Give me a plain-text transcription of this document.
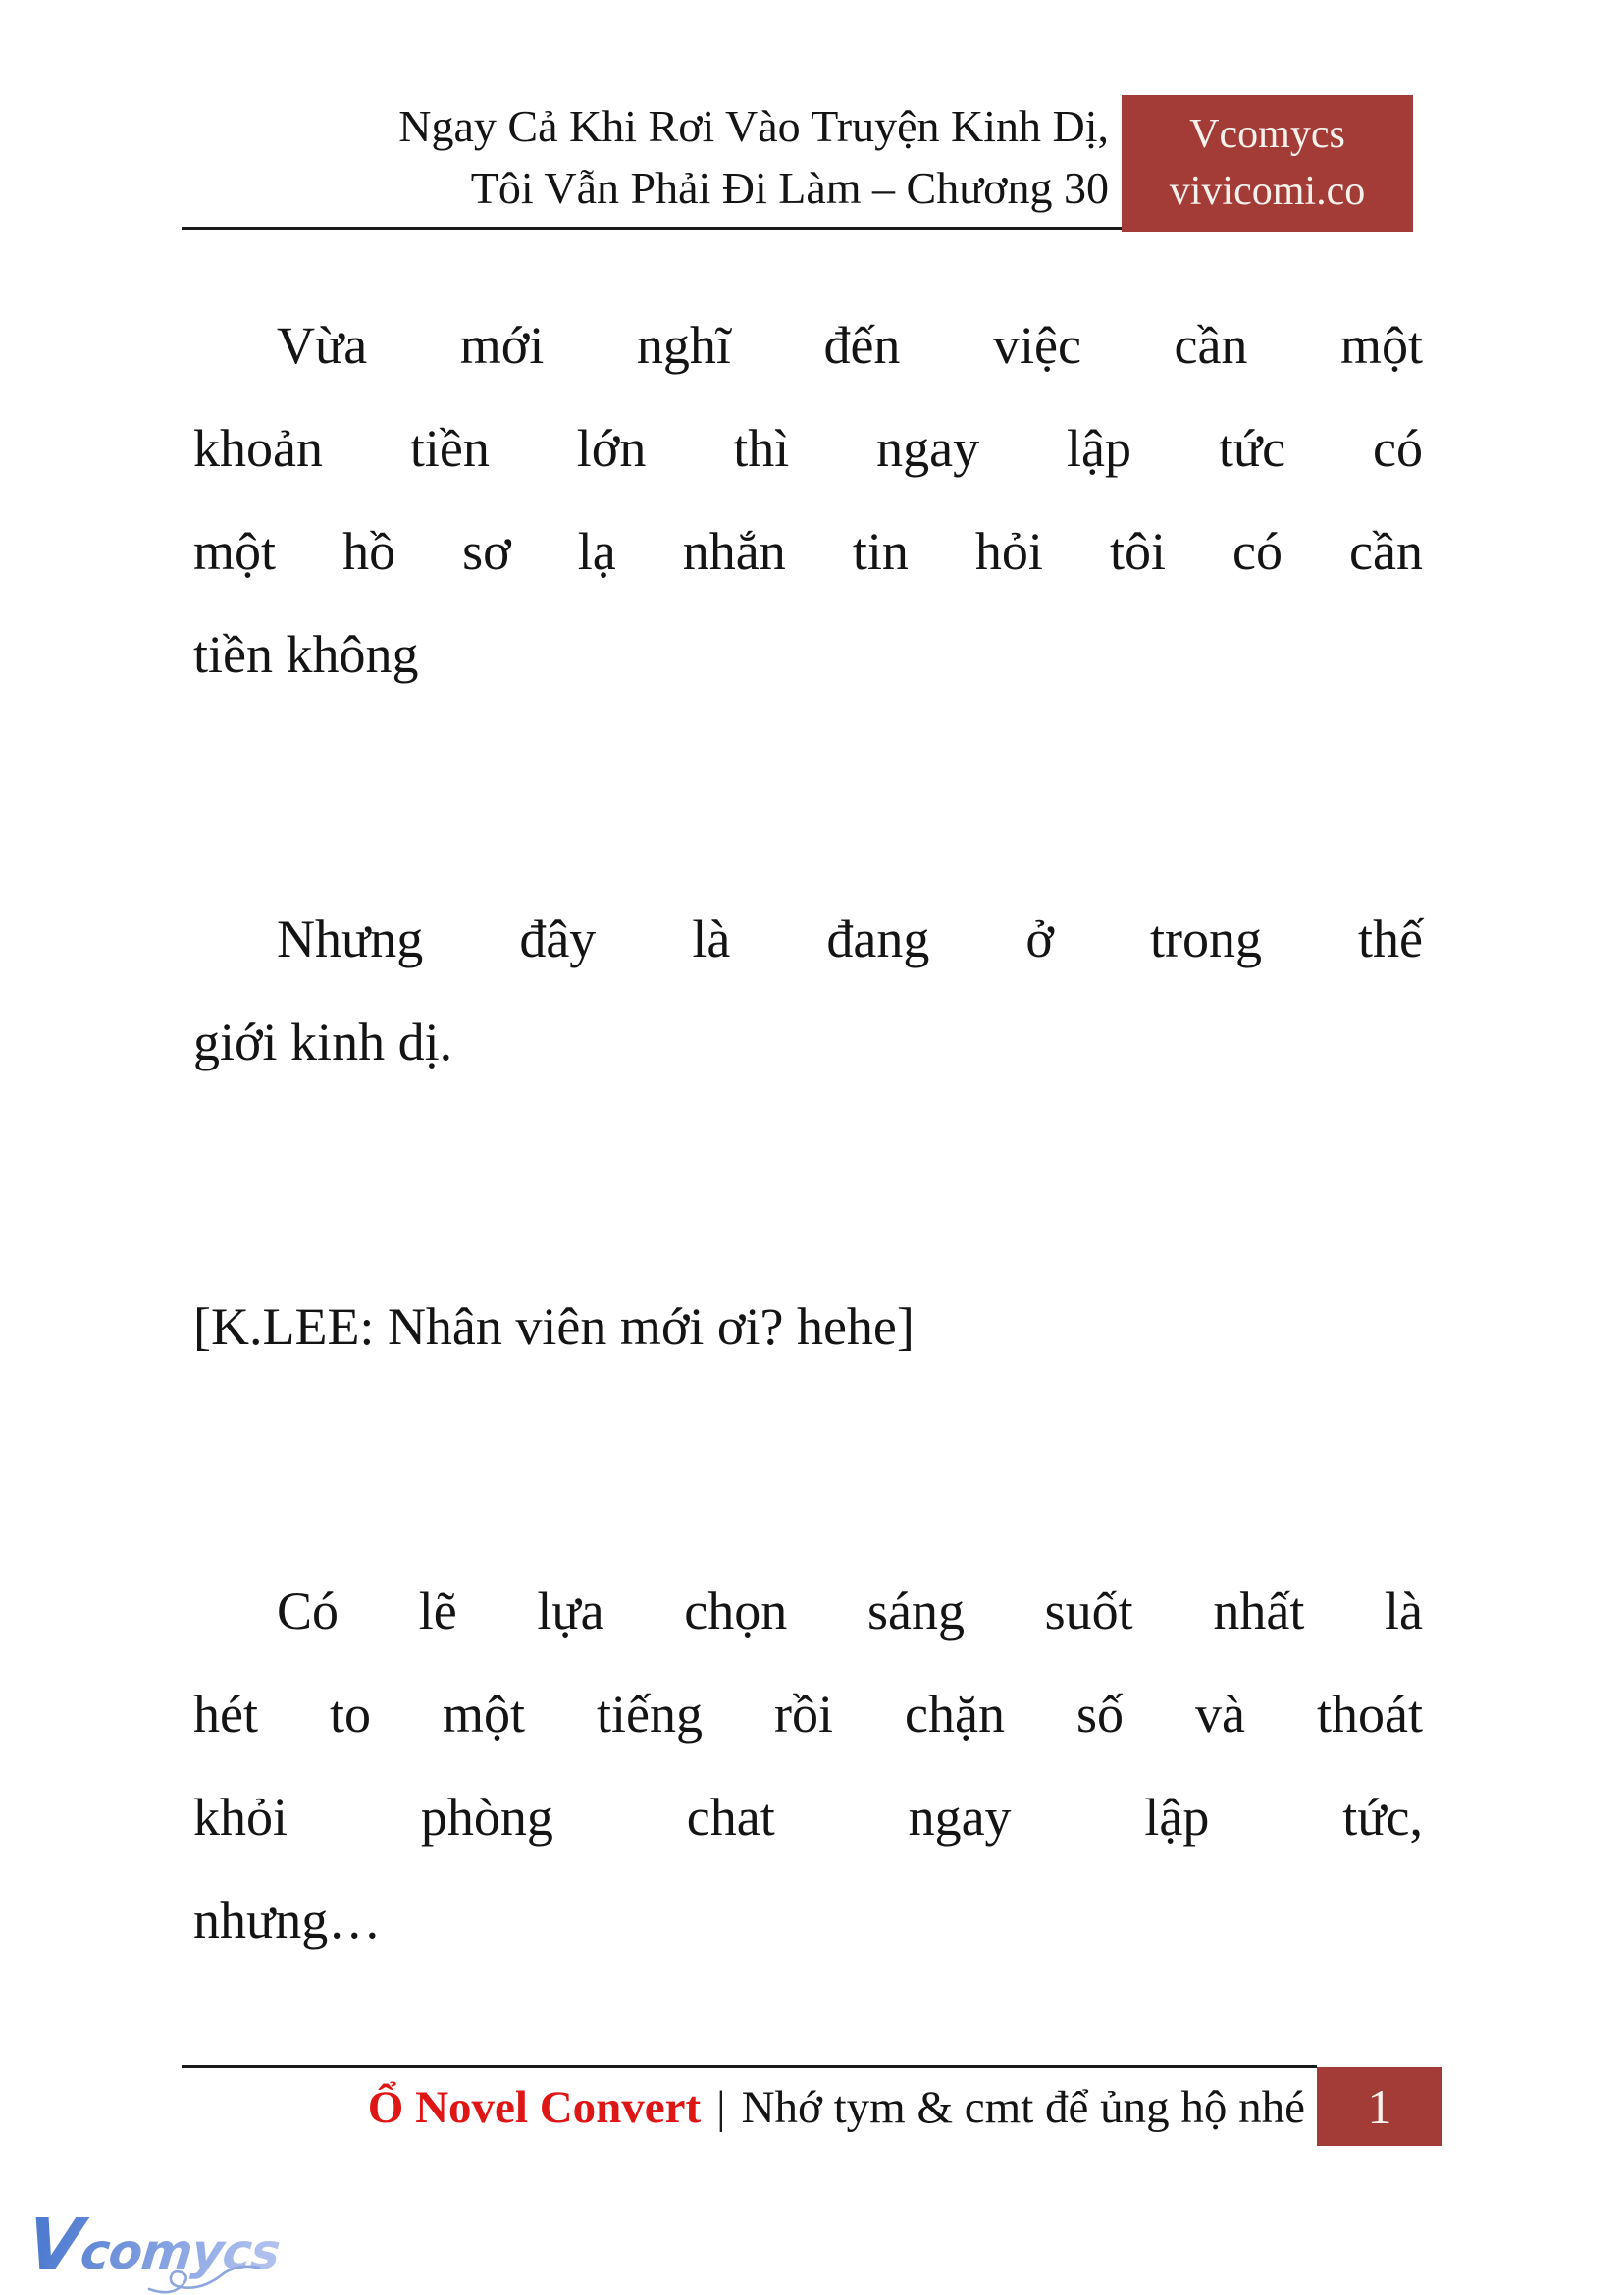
Ngay Cả Khi Rơi Vào Truyện Kinh Dị,
Tôi Vẫn Phải Đi Làm – Chương 30
Vcomycs
vivicomi.co
Vừa mới nghĩ đến việc cần một
khoản tiền lớn thì ngay lập tức có
một hồ sơ lạ nhắn tin hỏi tôi có cần
tiền không
Nhưng đây là đang ở trong thế
giới kinh dị.
[K.LEE: Nhân viên mới ơi? hehe]
Có lẽ lựa chọn sáng suốt nhất là
hét to một tiếng rồi chặn số và thoát
khỏi phòng chat ngay lập tức,
nhưng…
Ổ Novel Convert | Nhớ tym & cmt để ủng hộ nhé	1
Vcomycs
